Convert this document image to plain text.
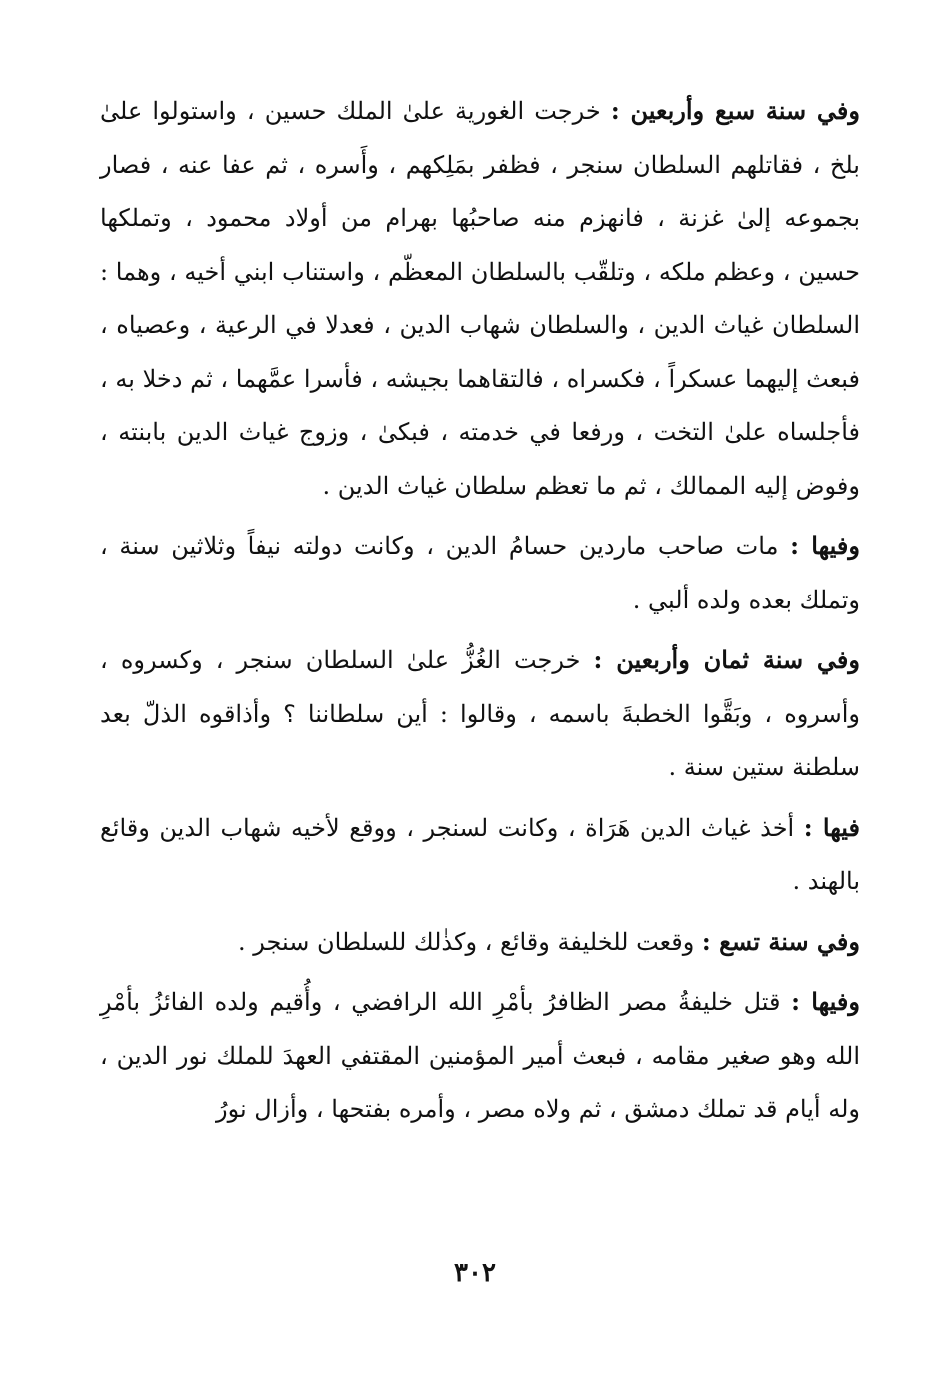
وفي سنة سبع وأربعين : خرجت الغورية علىٰ الملك حسين ، واستولوا علىٰ بلخ ، فقاتلهم السلطان سنجر ، فظفر بمَلِكهم ، وأَسره ، ثم عفا عنه ، فصار بجموعه إلىٰ غزنة ، فانهزم منه صاحبُها بهرام من أولاد محمود ، وتملكها حسين ، وعظم ملكه ، وتلقّب بالسلطان المعظّم ، واستناب ابني أخيه ، وهما : السلطان غياث الدين ، والسلطان شهاب الدين ، فعدلا في الرعية ، وعصياه ، فبعث إليهما عسكراً ، فكسراه ، فالتقاهما بجيشه ، فأسرا عمَّهما ، ثم دخلا به ، فأجلساه علىٰ التخت ، ورفعا في خدمته ، فبكىٰ ، وزوج غياث الدين بابنته ، وفوض إليه الممالك ، ثم ما تعظم سلطان غياث الدين .

وفيها : مات صاحب ماردين حسامُ الدين ، وكانت دولته نيفاً وثلاثين سنة ، وتملك بعده ولده ألبي .

وفي سنة ثمان وأربعين : خرجت الغُزُّ علىٰ السلطان سنجر ، وكسروه ، وأسروه ، وبَقَّوا الخطبةَ باسمه ، وقالوا : أين سلطاننا ؟ وأذاقوه الذلّ بعد سلطنة ستين سنة .

فيها : أخذ غياث الدين هَرَاة ، وكانت لسنجر ، ووقع لأخيه شهاب الدين وقائع بالهند .

وفي سنة تسع : وقعت للخليفة وقائع ، وكذٰلك للسلطان سنجر .

وفيها : قتل خليفةُ مصر الظافرُ بأمْرِ الله الرافضي ، وأُقيم ولده الفائزُ بأمْرِ الله وهو صغير مقامه ، فبعث أمير المؤمنين المقتفي العهدَ للملك نور الدين ، وله أيام قد تملك دمشق ، ثم ولاه مصر ، وأمره بفتحها ، وأزال نورُ

٣٠٢
